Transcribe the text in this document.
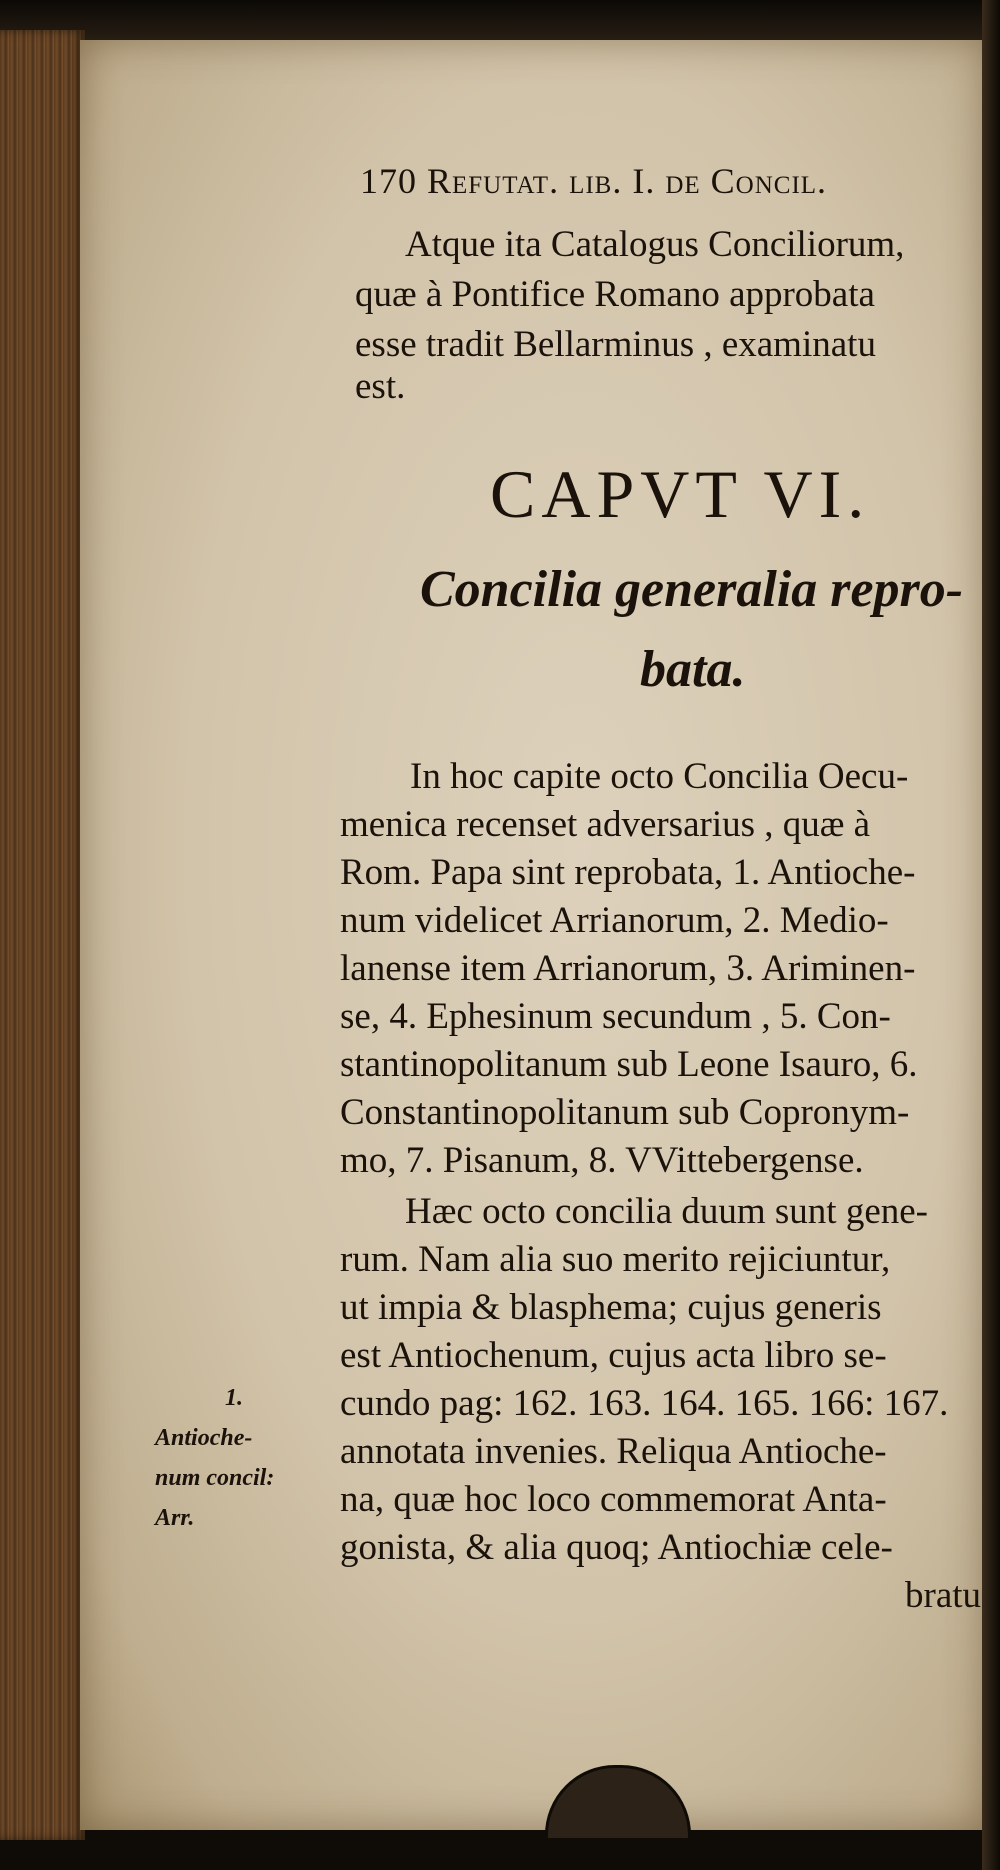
170 Refutat. lib. I. de Concil.
Atque ita Catalogus Conciliorum,
quæ à Pontifice Romano approbata
esse tradit Bellarminus , examinatu
est.
CAPVT VI.
Concilia generalia repro-
bata.
In hoc capite octo Concilia Oecu-
menica recenset adversarius , quæ à
Rom. Papa sint reprobata, 1. Antioche-
num videlicet Arrianorum, 2. Medio-
lanense item Arrianorum, 3. Ariminen-
se, 4. Ephesinum secundum , 5. Con-
stantinopolitanum sub Leone Isauro, 6.
Constantinopolitanum sub Copronym-
mo, 7. Pisanum, 8. VVittebergense.
Hæc octo concilia duum sunt gene-
rum. Nam alia suo merito rejiciuntur,
ut impia & blasphema; cujus generis
est Antiochenum, cujus acta libro se-
cundo pag: 162. 163. 164. 165. 166: 167.
annotata invenies. Reliqua Antioche-
na, quæ hoc loco commemorat Anta-
gonista, & alia quoq; Antiochiæ cele-
bratu
1.
Antioche-
num concil:
Arr.
